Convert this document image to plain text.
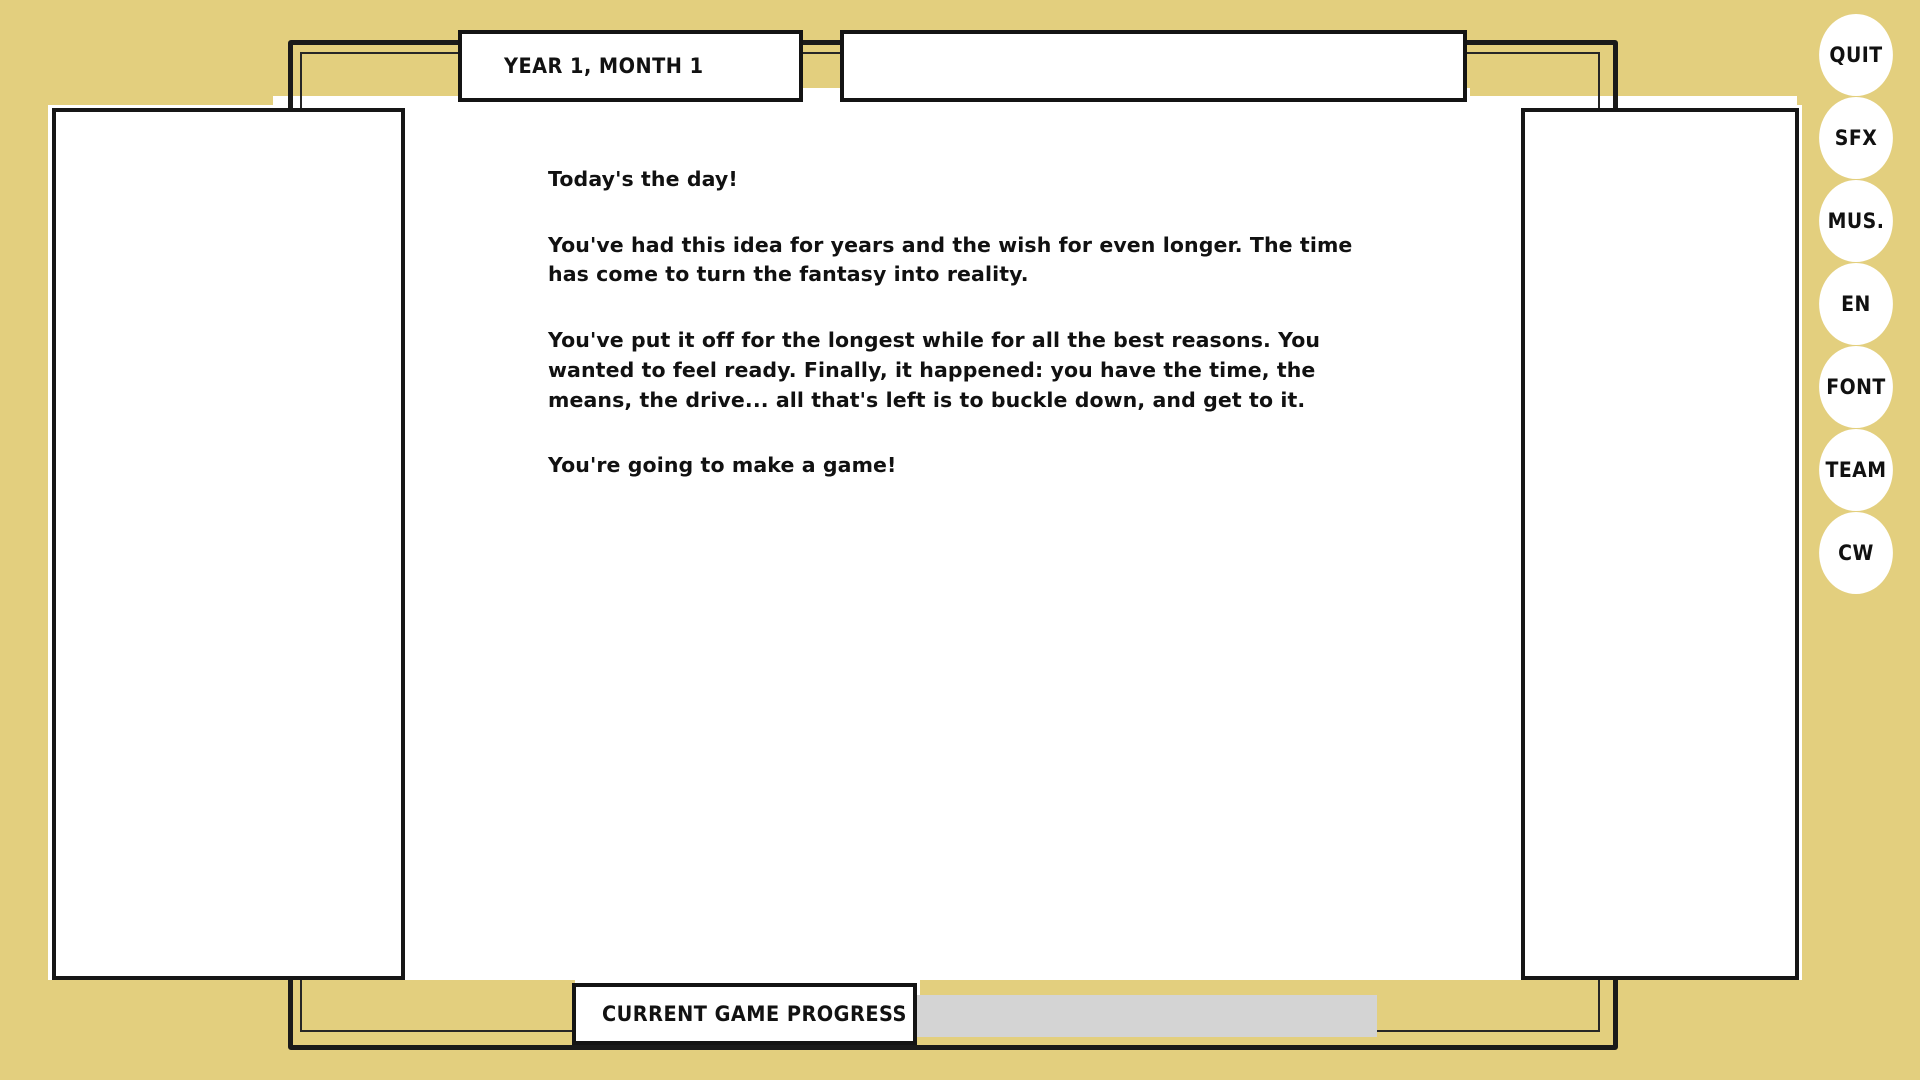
YEAR 1, MONTH 1

Today's the day!

You've had this idea for years and the wish for even longer. The time has come to turn the fantasy into reality.

You've put it off for the longest while for all the best reasons. You wanted to feel ready. Finally, it happened: you have the time, the means, the drive... all that's left is to buckle down, and get to it.

You're going to make a game!

CURRENT GAME PROGRESS
QUIT
SFX
MUS.
EN
FONT
TEAM
CW
